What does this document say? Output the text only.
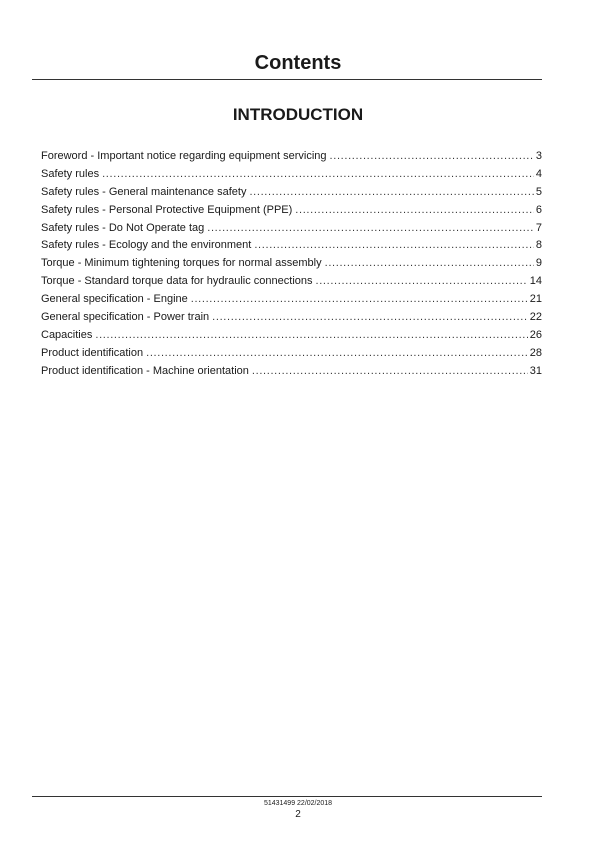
Contents
INTRODUCTION
Foreword - Important notice regarding equipment servicing . . .	3
Safety rules . . .	4
Safety rules - General maintenance safety . . .	5
Safety rules - Personal Protective Equipment (PPE) . . .	6
Safety rules - Do Not Operate tag . . .	7
Safety rules - Ecology and the environment . . .	8
Torque - Minimum tightening torques for normal assembly . . .	9
Torque - Standard torque data for hydraulic connections . . .	14
General specification - Engine . . .	21
General specification - Power train . . .	22
Capacities . . .	26
Product identification . . .	28
Product identification - Machine orientation . . .	31
51431499 22/02/2018
2
